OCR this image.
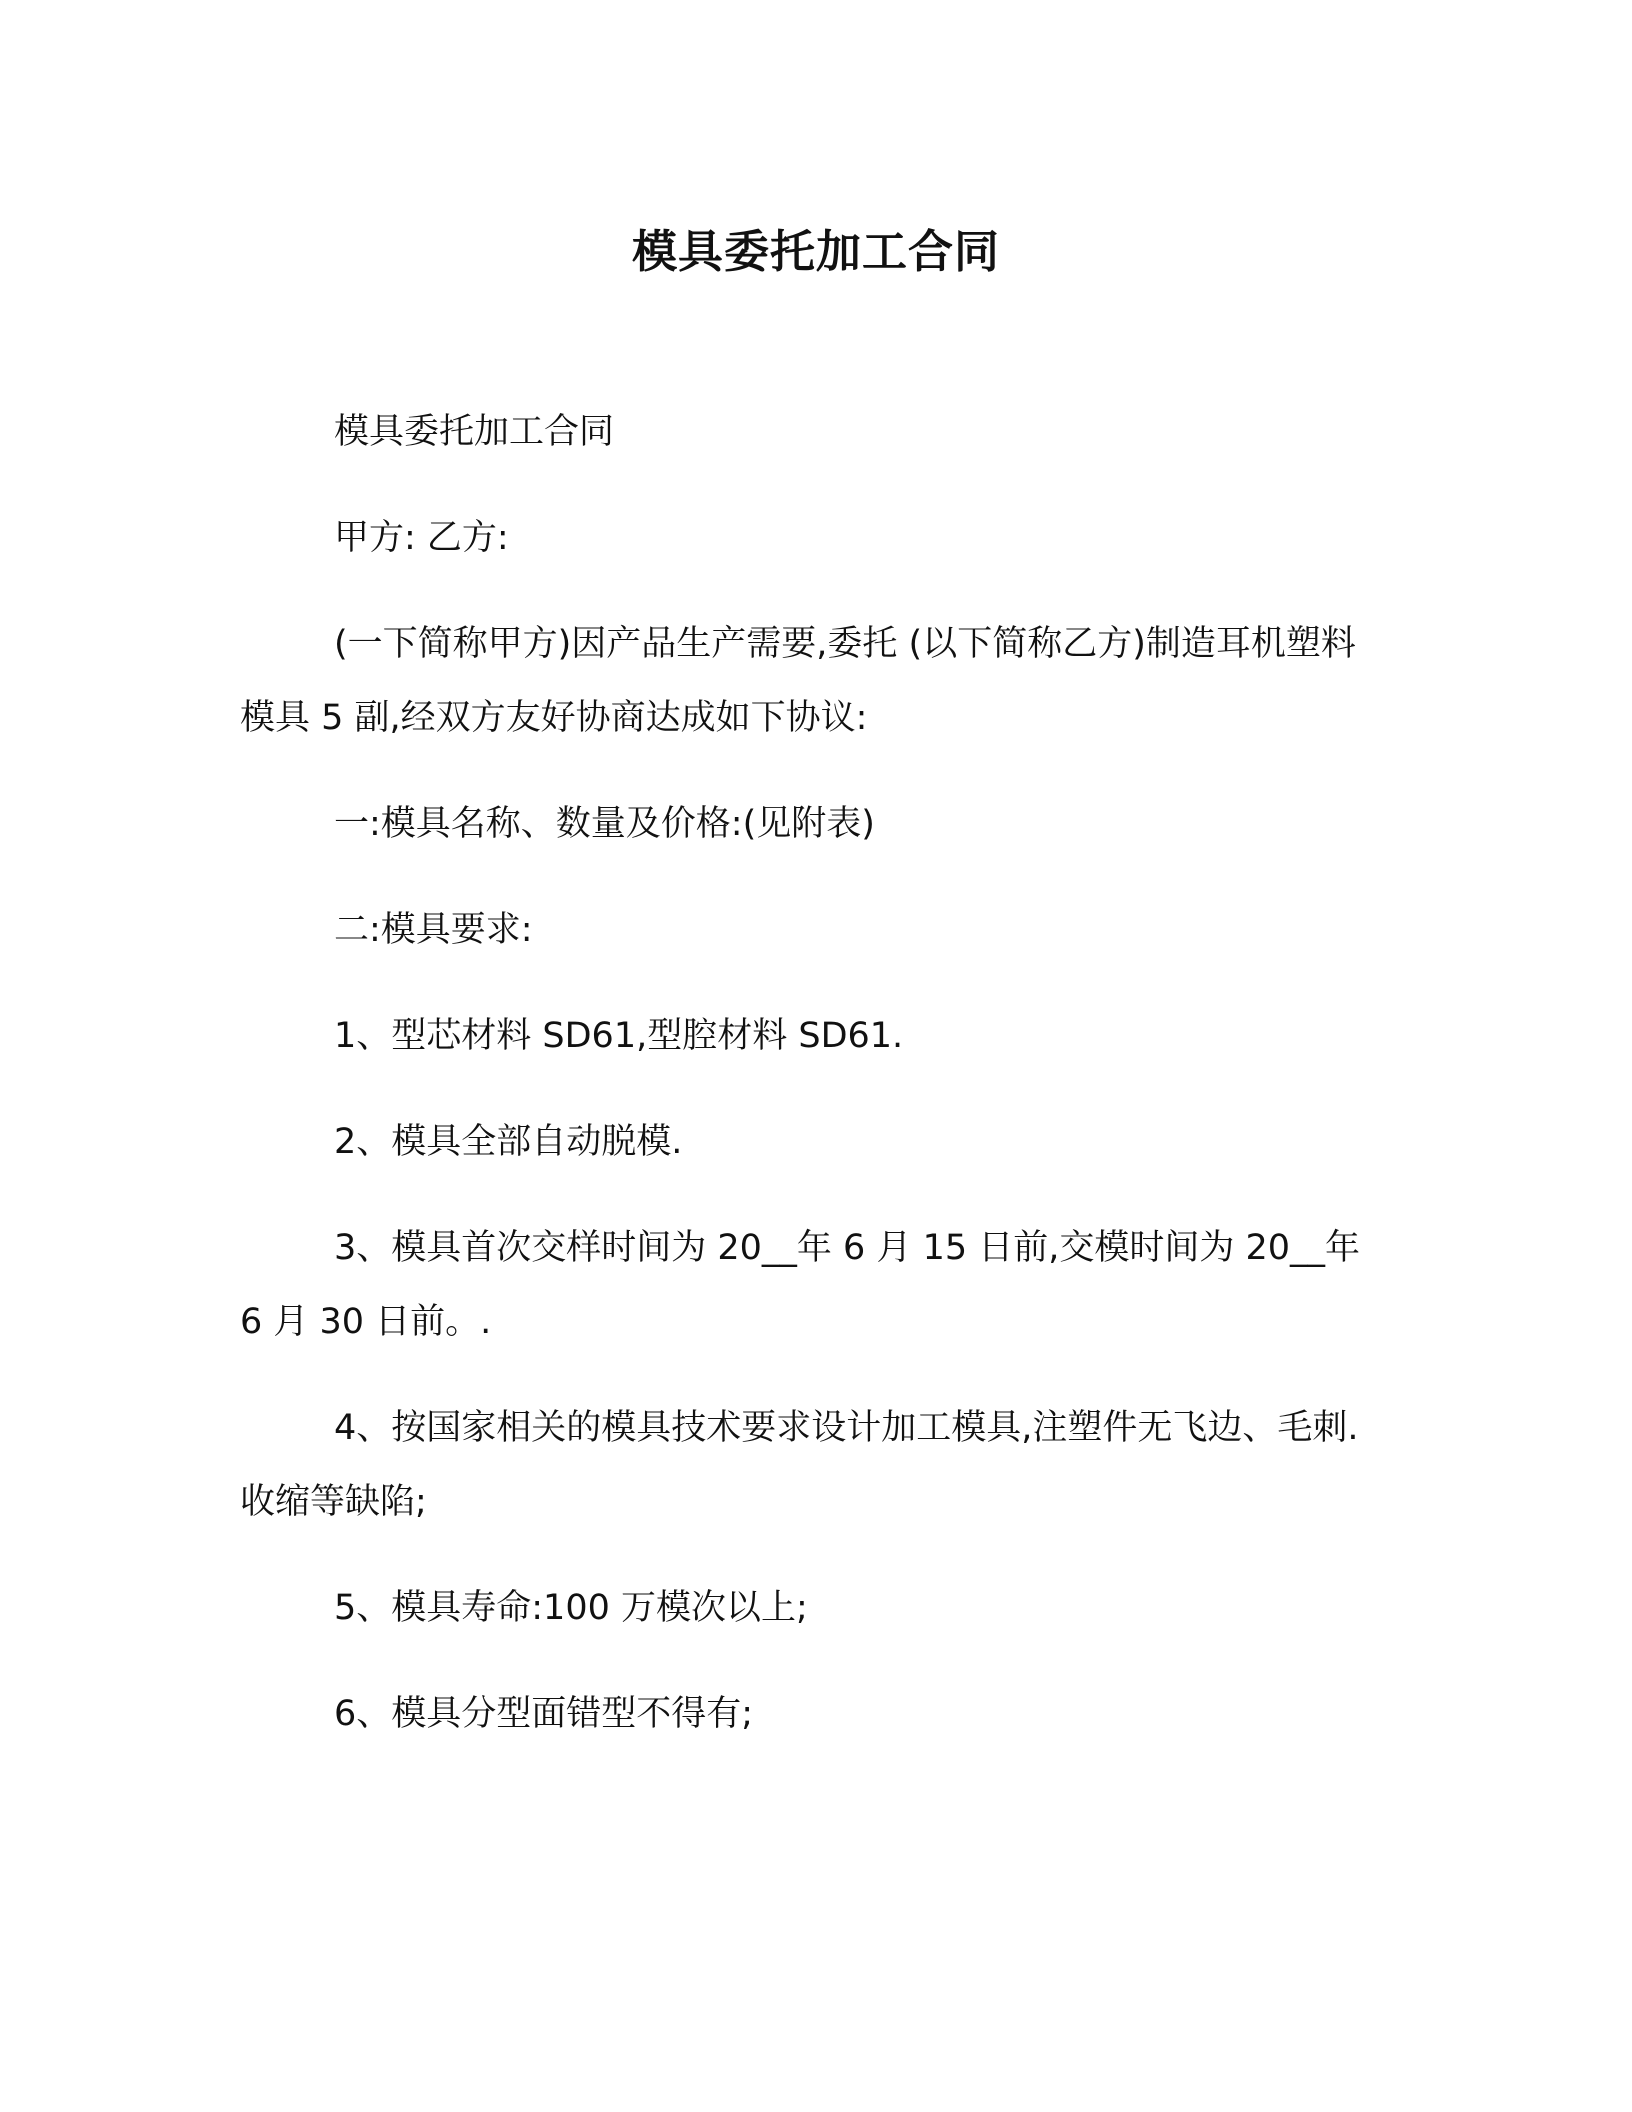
模具委托加工合同

模具委托加工合同

甲方: 乙方:

(一下简称甲方)因产品生产需要,委托 (以下简称乙方)制造耳机塑料模具 5 副,经双方友好协商达成如下协议:

一:模具名称、数量及价格:(见附表)

二:模具要求:

1、型芯材料 SD61,型腔材料 SD61.

2、模具全部自动脱模.

3、模具首次交样时间为 20__年 6 月 15 日前,交模时间为 20__年 6 月 30 日前。.

4、按国家相关的模具技术要求设计加工模具,注塑件无飞边、毛刺.收缩等缺陷;

5、模具寿命:100 万模次以上;

6、模具分型面错型不得有;
